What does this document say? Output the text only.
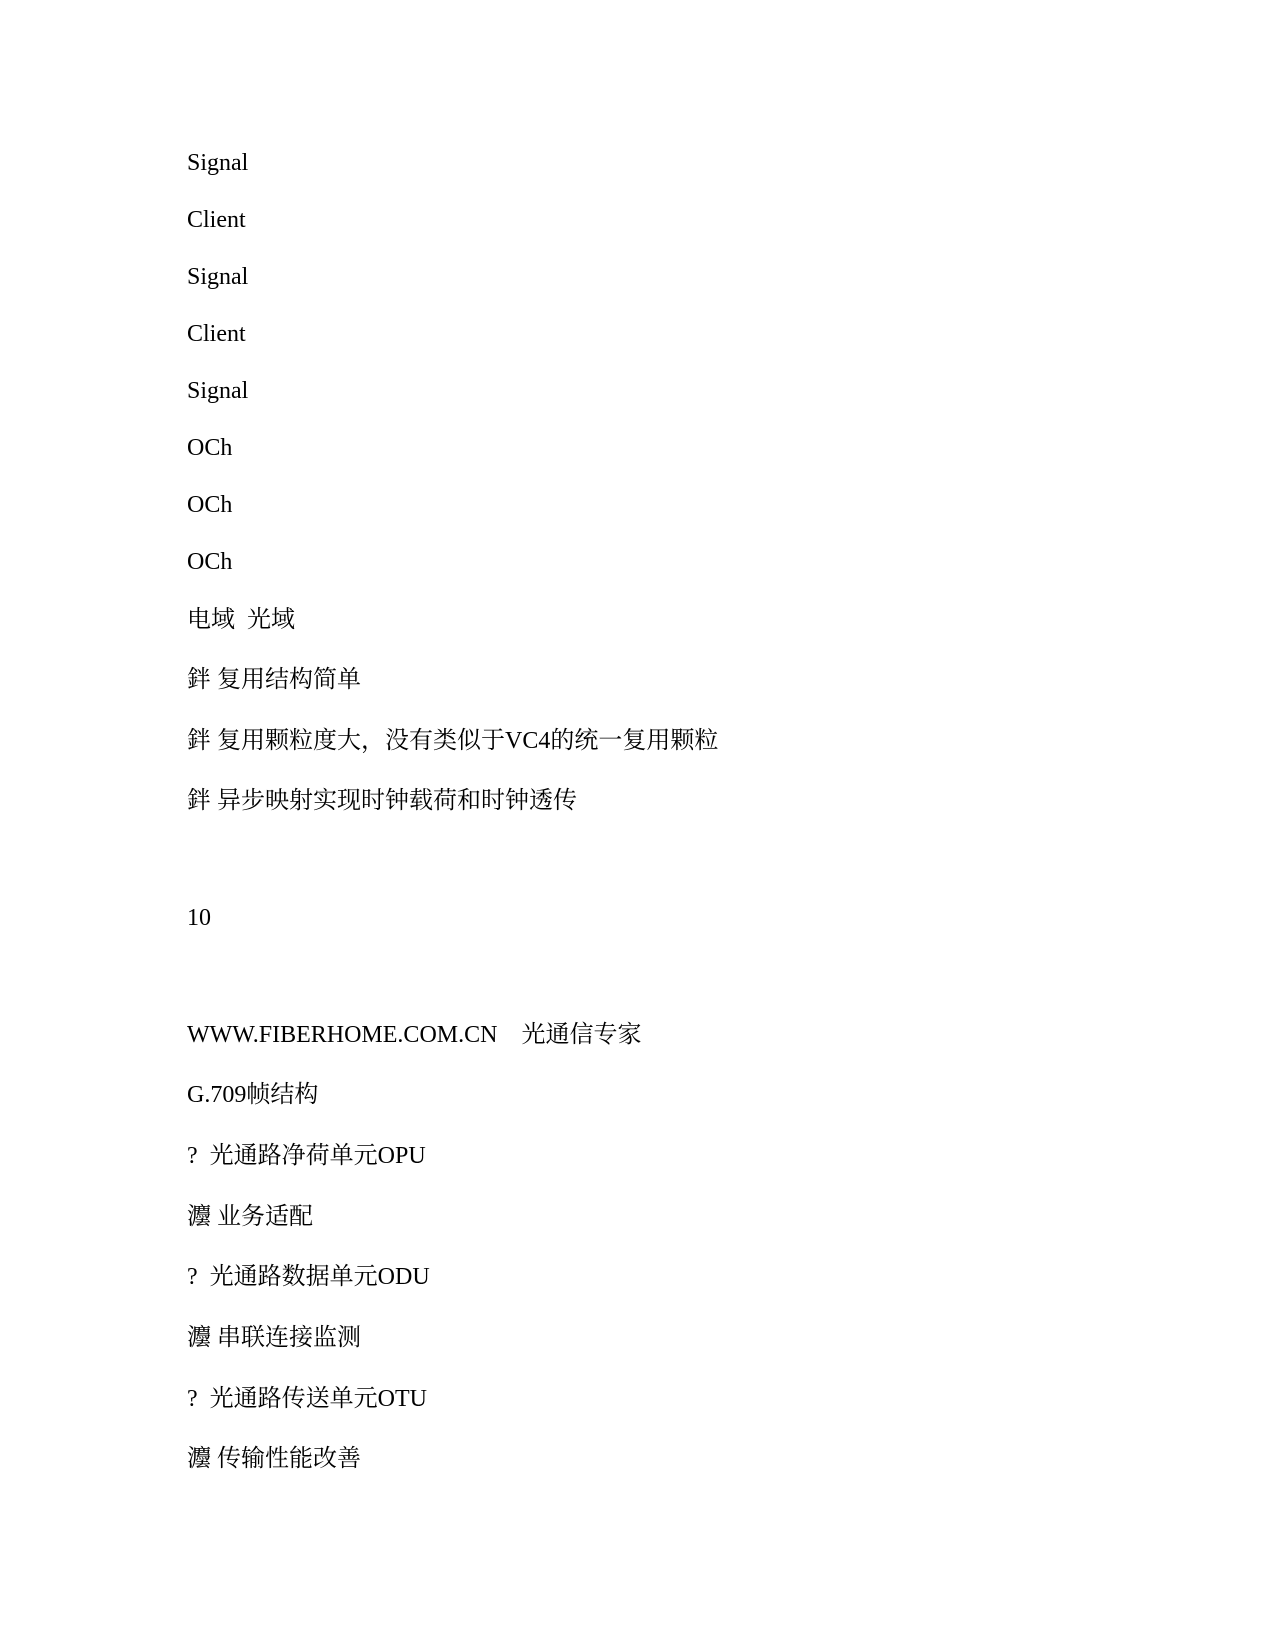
Signal
Client
Signal
Client
Signal
OCh
OCh
OCh
电域  光域
鉡 复用结构简单
鉡 复用颗粒度大，没有类似于VC4的统一复用颗粒
鉡 异步映射实现时钟载荷和时钟透传
10
WWW.FIBERHOME.COM.CN    光通信专家
G.709帧结构
?  光通路净荷单元OPU
灋 业务适配
?  光通路数据单元ODU
灋 串联连接监测
?  光通路传送单元OTU
灋 传输性能改善
